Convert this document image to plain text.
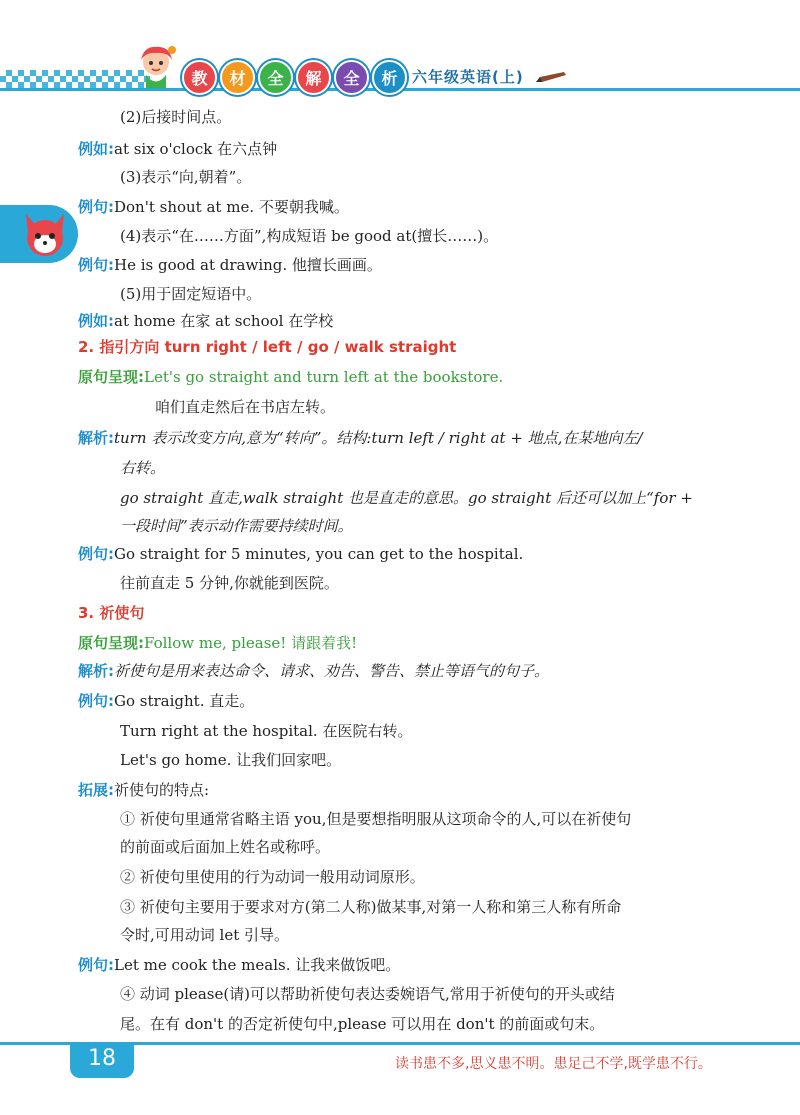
教	材	全	解	全	析 六年级英语(上)
(2)后接时间点。
例如:at six o'clock 在六点钟
(3)表示“向,朝着”。
例句:Don't shout at me. 不要朝我喊。
(4)表示“在……方面”,构成短语 be good at(擅长……)。
例句:He is good at drawing. 他擅长画画。
(5)用于固定短语中。
例如:at home 在家 at school 在学校
2. 指引方向 turn right / left / go / walk straight
原句呈现:Let's go straight and turn left at the bookstore.
咱们直走然后在书店左转。
解析:turn 表示改变方向,意为“转向”。结构:turn left / right at + 地点,在某地向左/
右转。
go straight 直走,walk straight 也是直走的意思。go straight 后还可以加上“for +
一段时间”表示动作需要持续时间。
例句:Go straight for 5 minutes, you can get to the hospital.
往前直走 5 分钟,你就能到医院。
3. 祈使句
原句呈现:Follow me, please! 请跟着我!
解析:祈使句是用来表达命令、请求、劝告、警告、禁止等语气的句子。
例句:Go straight. 直走。
Turn right at the hospital. 在医院右转。
Let's go home. 让我们回家吧。
拓展:祈使句的特点:
① 祈使句里通常省略主语 you,但是要想指明服从这项命令的人,可以在祈使句
的前面或后面加上姓名或称呼。
② 祈使句里使用的行为动词一般用动词原形。
③ 祈使句主要用于要求对方(第二人称)做某事,对第一人称和第三人称有所命
令时,可用动词 let 引导。
例句:Let me cook the meals. 让我来做饭吧。
④ 动词 please(请)可以帮助祈使句表达委婉语气,常用于祈使句的开头或结
尾。在有 don't 的否定祈使句中,please 可以用在 don't 的前面或句末。
18	读书患不多,思义患不明。患足己不学,既学患不行。
